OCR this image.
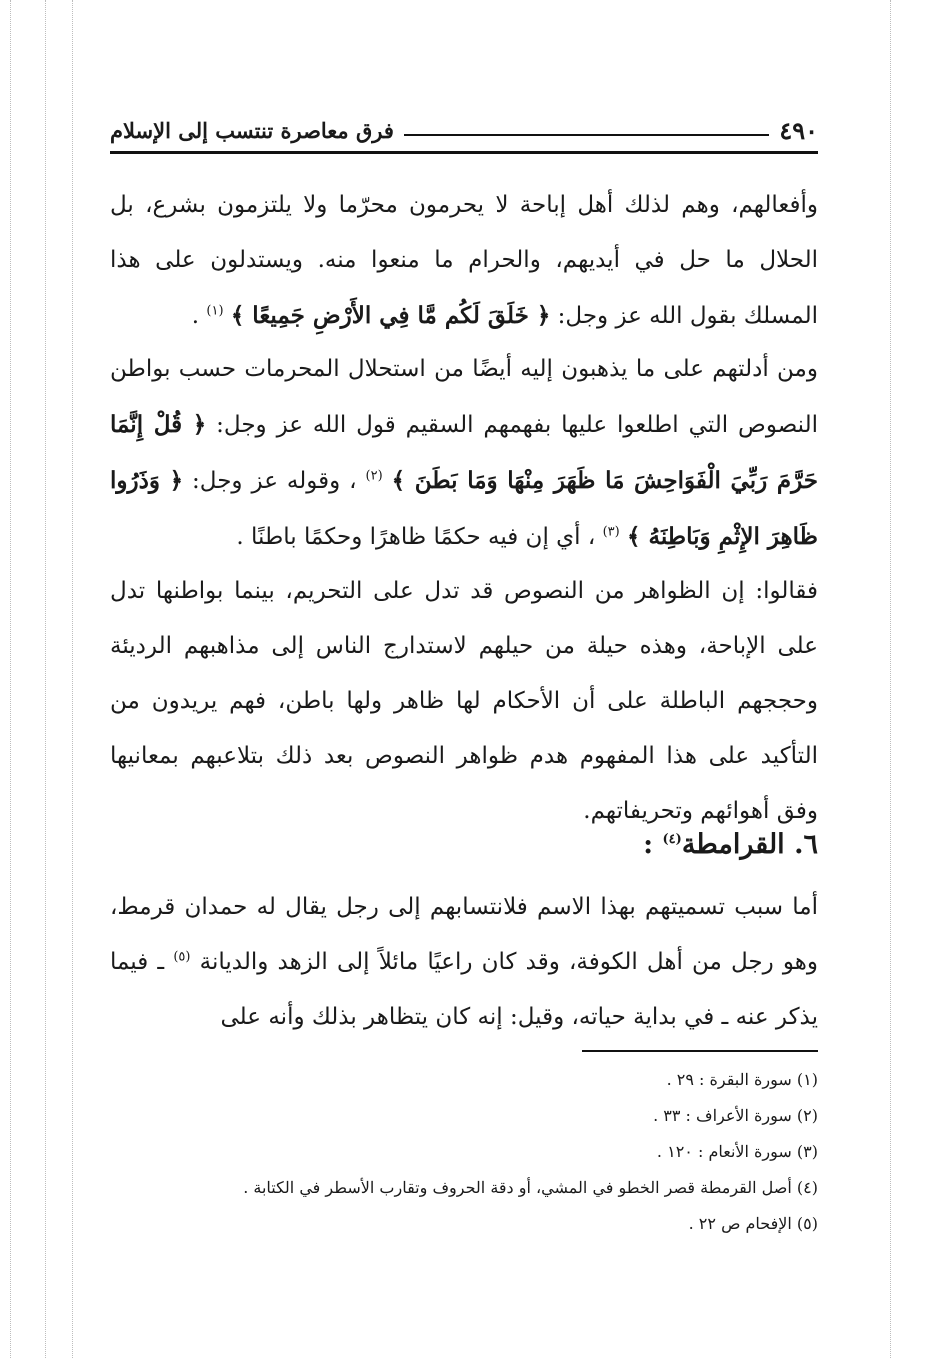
٤٩٠
فرق معاصرة تنتسب إلى الإسلام

وأفعالهم، وهم لذلك أهل إباحة لا يحرمون محرّما ولا يلتزمون بشرع، بل الحلال ما حل في أيديهم، والحرام ما منعوا منه. ويستدلون على هذا المسلك بقول الله عز وجل: ﴿ خَلَقَ لَكُم مَّا فِي الأَرْضِ جَمِيعًا ﴾ $^{(١)}$ .

ومن أدلتهم على ما يذهبون إليه أيضًا من استحلال المحرمات حسب بواطن النصوص التي اطلعوا عليها بفهمهم السقيم قول الله عز وجل: ﴿ قُلْ إِنَّمَا حَرَّمَ رَبِّيَ الْفَوَاحِشَ مَا ظَهَرَ مِنْهَا وَمَا بَطَنَ ﴾ $^{(٢)}$ ، وقوله عز وجل: ﴿ وَذَرُوا ظَاهِرَ الإِثْمِ وَبَاطِنَهُ ﴾ $^{(٣)}$ ، أي إن فيه حكمًا ظاهرًا وحكمًا باطنًا .

فقالوا: إن الظواهر من النصوص قد تدل على التحريم، بينما بواطنها تدل على الإباحة، وهذه حيلة من حيلهم لاستدارج الناس إلى مذاهبهم الرديئة وحججهم الباطلة على أن الأحكام لها ظاهر ولها باطن، فهم يريدون من التأكيد على هذا المفهوم هدم ظواهر النصوص بعد ذلك بتلاعبهم بمعانيها وفق أهوائهم وتحريفاتهم.

٦. القرامطة$^{(٤)}$ :

أما سبب تسميتهم بهذا الاسم فلانتسابهم إلى رجل يقال له حمدان قرمط، وهو رجل من أهل الكوفة، وقد كان راعيًا مائلاً إلى الزهد والديانة $^{(٥)}$ ـ فيما يذكر عنه ـ في بداية حياته، وقيل: إنه كان يتظاهر بذلك وأنه على

(١) سورة البقرة : ٢٩ .
(٢) سورة الأعراف : ٣٣ .
(٣) سورة الأنعام : ١٢٠ .
(٤) أصل القرمطة قصر الخطو في المشي، أو دقة الحروف وتقارب الأسطر في الكتابة .
(٥) الإفحام ص ٢٢ .
